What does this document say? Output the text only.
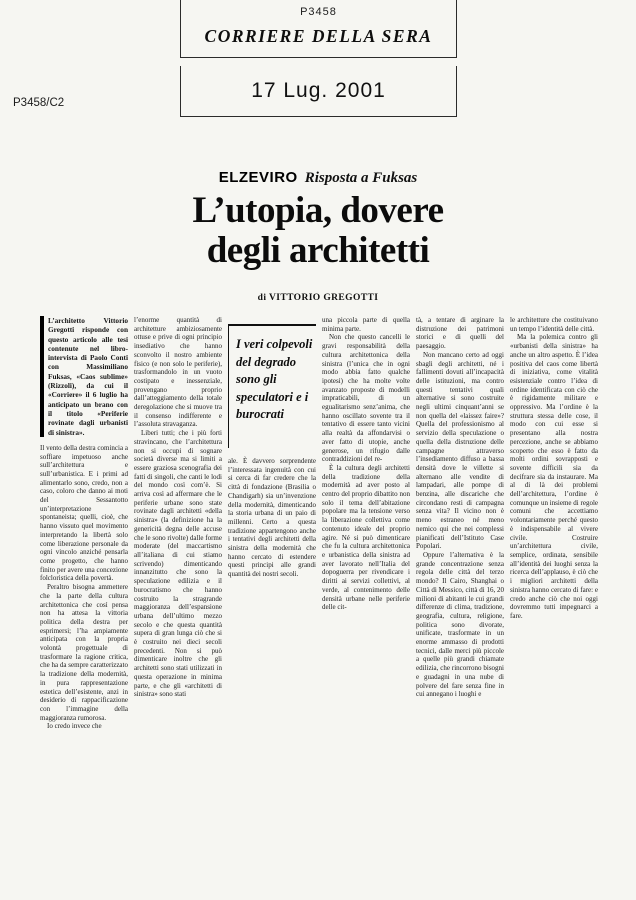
P3458
CORRIERE DELLA SERA
17 Lug. 2001
P3458/C2
ELZEVIRO Risposta a Fuksas
L’utopia, dovere
degli architetti
di VITTORIO GREGOTTI
L’architetto Vittorio Gregotti risponde con questo articolo alle tesi contenute nel libro-intervista di Paolo Conti con Massimiliano Fuksas, «Caos sublime» (Rizzoli), da cui il «Corriere» il 6 luglio ha anticipato un brano con il titolo «Periferie rovinate dagli urbanisti di sinistra».

Il vento della destra comincia a soffiare impetuoso anche sull’architettura e sull’urbanistica. E i primi ad alimentarlo sono, credo, non a caso, coloro che danno ai moti del Sessantotto un’interpretazione spontaneista; quelli, cioè, che hanno vissuto quel movimento interpretando la libertà solo come liberazione personale da ogni vincolo anziché pensarla come progetto, che hanno finito per avere una concezione folcloristica della povertà.

Peraltro bisogna ammettere che la parte della cultura architettonica che così pensa non ha attesa la vittoria politica della destra per esprimersi; l’ha ampiamente anticipata con la propria volontà progettuale di trasformare la ragione critica, che ha da sempre caratterizzato la tradizione della modernità, in pura rappresentazione estetica dell’esistente, anzi in desiderio di rappacificazione con l’immagine della maggioranza rumorosa.

Io credo invece che

l’enorme quantità di architetture ambiziosamente ottuse e prive di ogni principio insediativo che hanno sconvolto il nostro ambiente fisico (e non solo le periferie), trasformandolo in un vuoto costipato e inessenziale, provengano proprio dall’atteggiamento della totale deregolazione che si muove tra il consenso indifferente e l’assoluta stravaganza.

Liberi tutti; che i più forti stravincano, che l’architettura non si occupi di sognare società diverse ma si limiti a essere graziosa scenografia dei fatti di singoli, che canti le lodi del mondo così com’è. Si arriva così ad affermare che le periferie urbane sono state rovinate dagli architetti «della sinistra» (la definizione ha la genericità degna delle accuse che le sono rivolte) dalle forme moderate (del maccartismo all’italiana di cui stiamo scrivendo) dimenticando innanzitutto che sono la speculazione edilizia e il burocratismo che hanno costruito la stragrande maggioranza dell’espansione urbana dell’ultimo mezzo secolo e che questa quantità supera di gran lunga ciò che si è costruito nei dieci secoli precedenti. Non si può dimenticare inoltre che gli architetti sono stati utilizzati in questa operazione in minima parte, e che gli «architetti di sinistra» sono stati

I veri colpevoli del degrado sono gli speculatori e i burocrati

ale. È davvero sorprendente l’interessata ingenuità con cui si cerca di far credere che la città di fondazione (Brasilia o Chandigarh) sia un’invenzione della modernità, dimenticando la storia urbana di un paio di millenni. Certo a questa tradizione appartengono anche i tentativi degli architetti della sinistra della modernità che hanno cercato di estendere questi principi alle grandi quantità dei nostri secoli.

una piccola parte di quella minima parte.

Non che questo cancelli le gravi responsabilità della cultura architettonica della sinistra (l’unica che in ogni modo abbia fatto qualche ipotesi) che ha molte volte avanzato proposte di modelli impraticabili, di un egualitarismo senz’anima, che hanno oscillato sovente tra il tentativo di essere tanto vicini alla realtà da affondarvisi o aver fatto di utopie, anche generose, un rifugio dalle contraddizioni del re-

È la cultura degli architetti della tradizione della modernità ad aver posto al centro del proprio dibattito non solo il tema dell’abitazione popolare ma la tensione verso la liberazione collettiva come contenuto ideale del proprio agire. Né si può dimenticare che fu la cultura architettonica e urbanistica della sinistra ad aver lavorato nell’Italia del dopoguerra per rivendicare i diritti ai servizi collettivi, al verde, al contenimento delle densità urbane nelle periferie delle cit-

tà, a tentare di arginare la distruzione dei patrimoni storici e di quelli del paesaggio.

Non mancano certo ad oggi sbagli degli architetti, né i fallimenti dovuti all’incapacità delle istituzioni, ma contro questi tentativi quali alternative si sono costruite negli ultimi cinquant’anni se non quella del «laissez faire»? Quella del professionismo al servizio della speculazione o quella della distruzione delle campagne attraverso l’insediamento diffuso a bassa densità dove le villette si alternano alle vendite di lampadari, alle pompe di benzina, alle discariche che circondano resti di campagna senza vita? Il vicino non è meno estraneo né meno nemico qui che nei complessi pianificati dell’Istituto Case Popolari.

Oppure l’alternativa è la grande concentrazione senza regola delle città del terzo mondo? Il Cairo, Shanghai o Città di Messico, città di 16, 20 milioni di abitanti le cui grandi differenze di clima, tradizione, geografia, cultura, religione, politica sono divorate, unificate, trasformate in un enorme ammasso di prodotti tecnici, dalle merci più piccole a quelle più grandi chiamate edilizia, che rincorrono bisogni e guadagni in una nube di polvere del fare senza fine in cui annegano i luoghi e

le architetture che costituivano un tempo l’identità delle città.

Ma la polemica contro gli «urbanisti della sinistra» ha anche un altro aspetto. È l’idea positiva del caos come libertà di iniziativa, come vitalità esistenziale contro l’idea di ordine identificata con ciò che è rigidamente militare e oppressivo. Ma l’ordine è la struttura stessa delle cose, il modo con cui esse si presentano alla nostra percezione, anche se abbiamo scoperto che esso è fatto da molti ordini sovrapposti e sovente difficili sia da decifrare sia da instaurare. Ma al di là dei problemi dell’architettura, l’ordine è comunque un insieme di regole comuni che accettiamo volontariamente perché questo è indispensabile al vivere civile. Costruire un’architettura civile, semplice, ordinata, sensibile all’identità dei luoghi senza la ricerca dell’applauso, è ciò che i migliori architetti della sinistra hanno cercato di fare: e credo anche ciò che noi oggi dovremmo tutti impegnarci a fare.
